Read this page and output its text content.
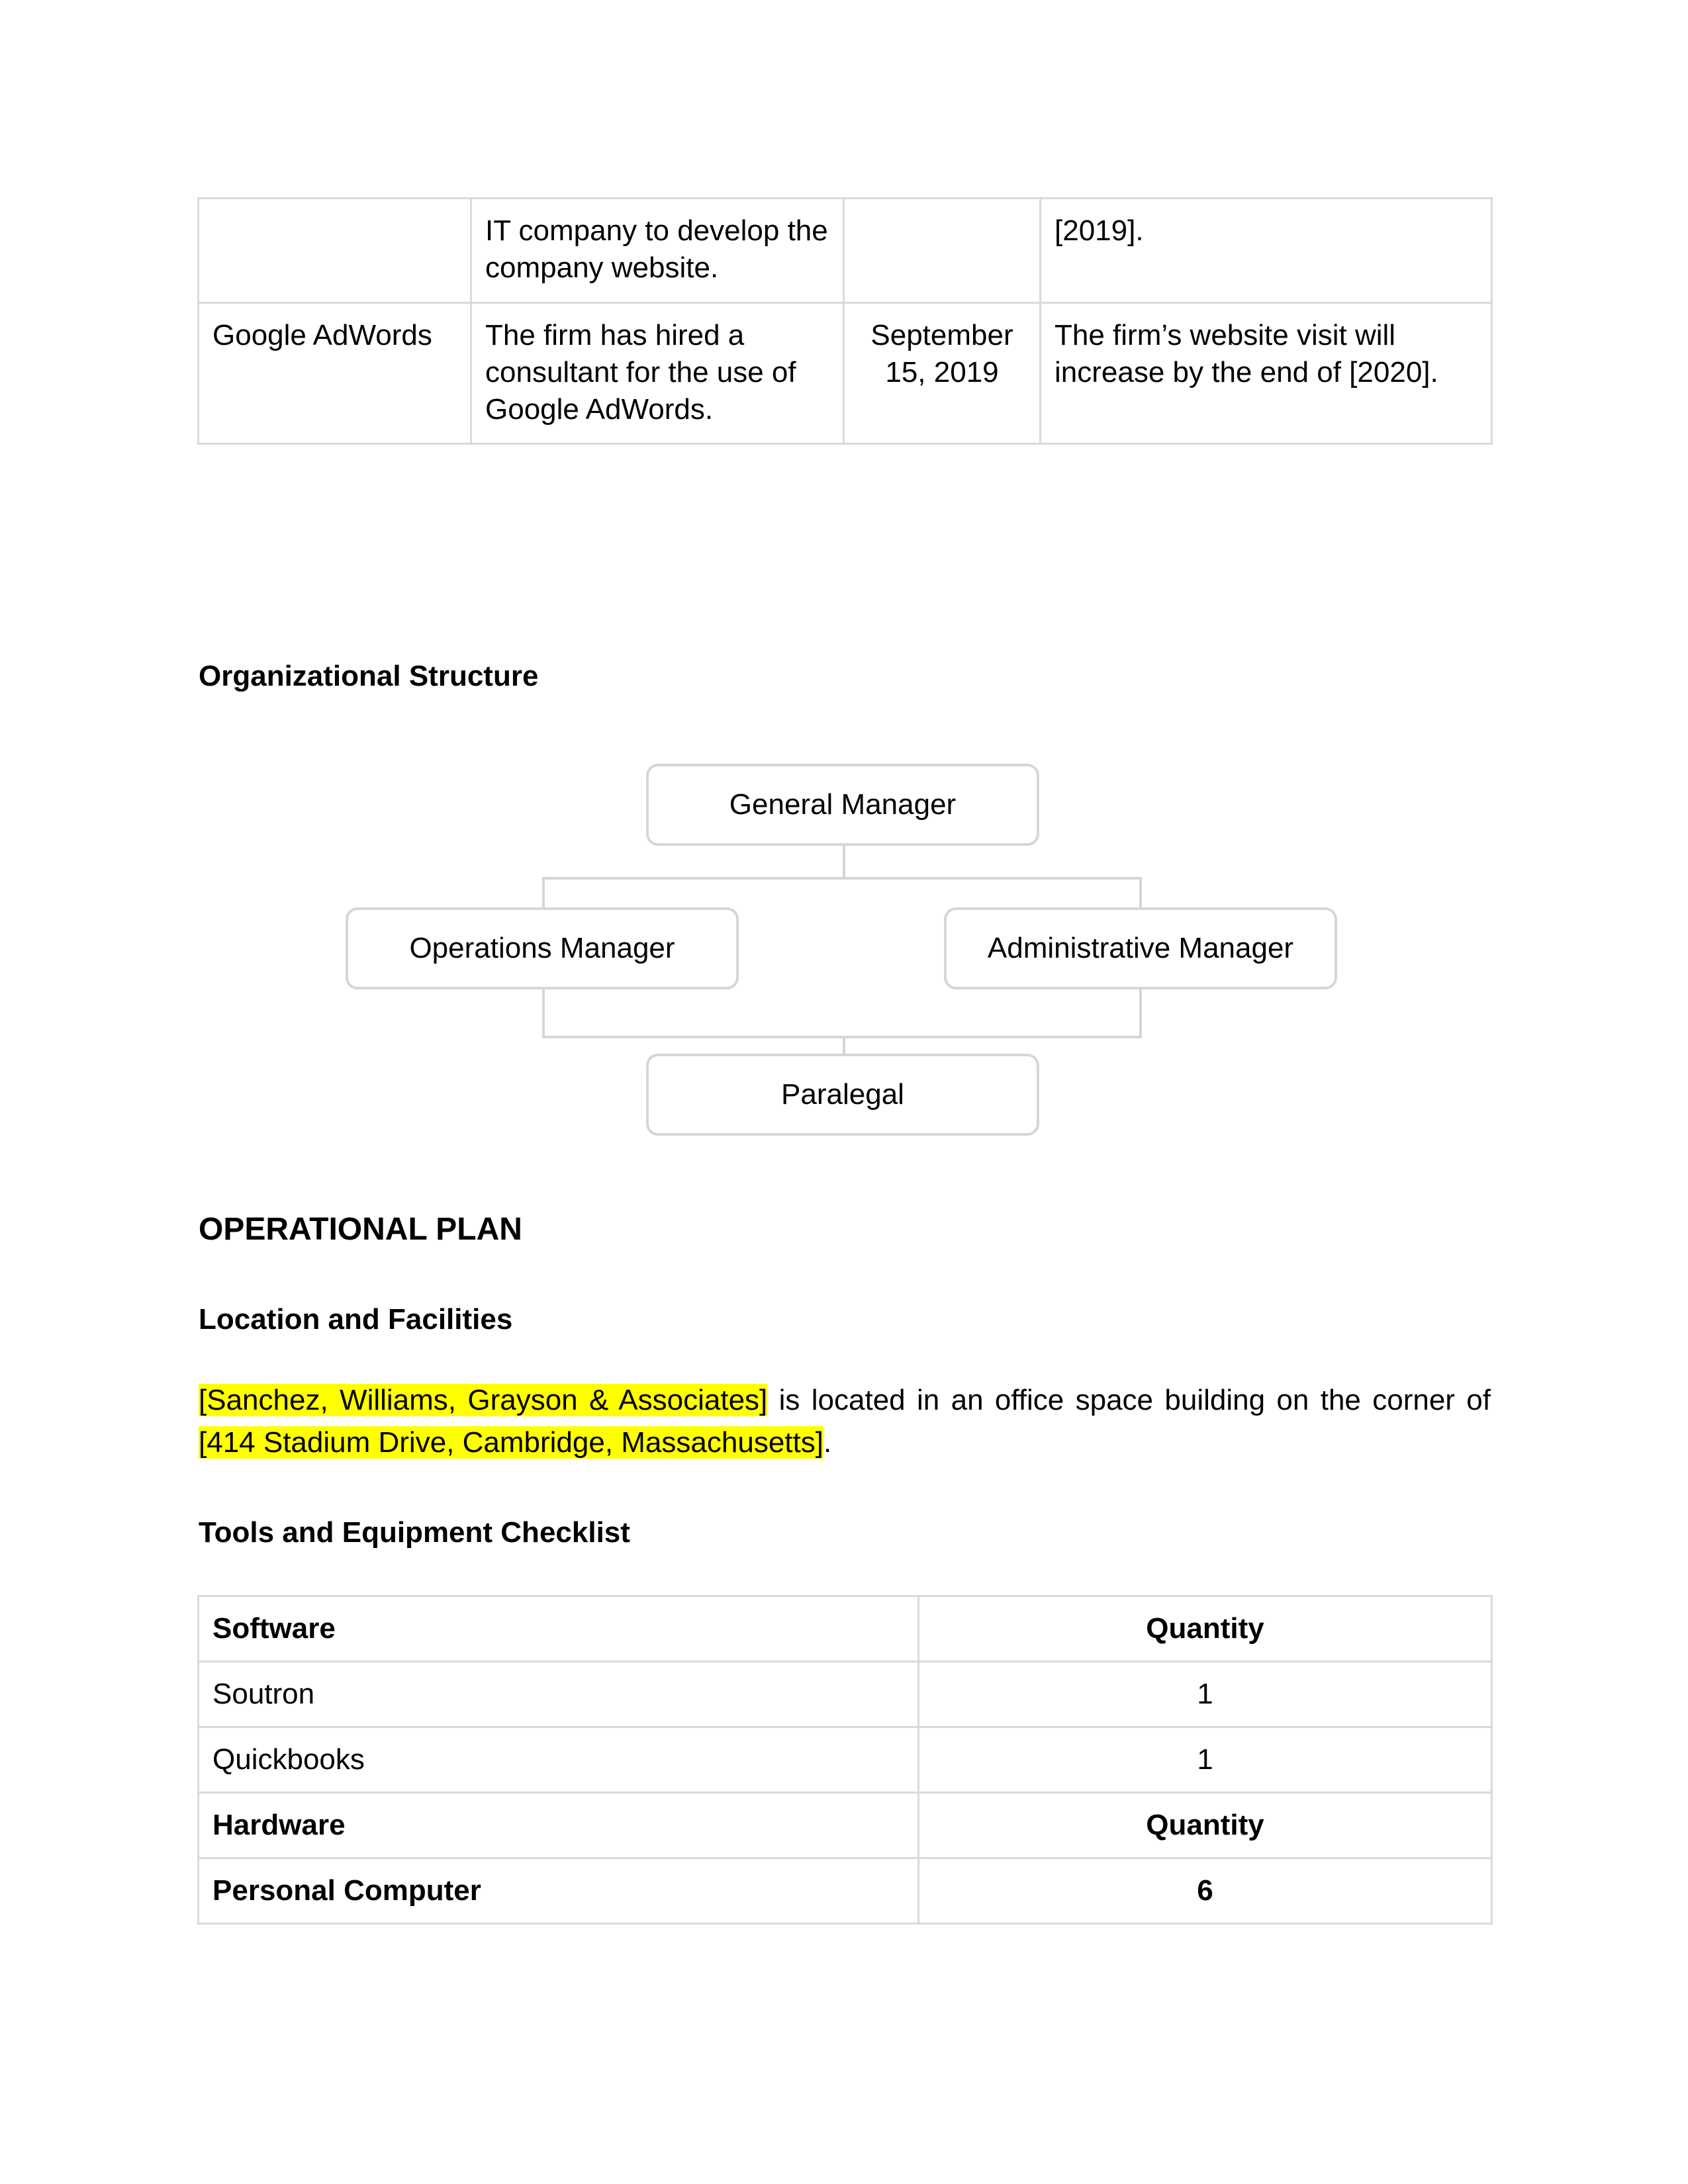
	IT company to develop the company website.		[2019].
Google AdWords	The firm has hired a consultant for the use of Google AdWords.	September 15, 2019	The firm’s website visit will increase by the end of [2020].
Organizational Structure
General Manager
Operations Manager	Administrative Manager
Paralegal
OPERATIONAL PLAN
Location and Facilities

[Sanchez, Williams, Grayson & Associates] is located in an office space building on the corner of [414 Stadium Drive, Cambridge, Massachusetts].

Tools and Equipment Checklist
Software	Quantity
Soutron	1
Quickbooks	1
Hardware	Quantity
Personal Computer	6
